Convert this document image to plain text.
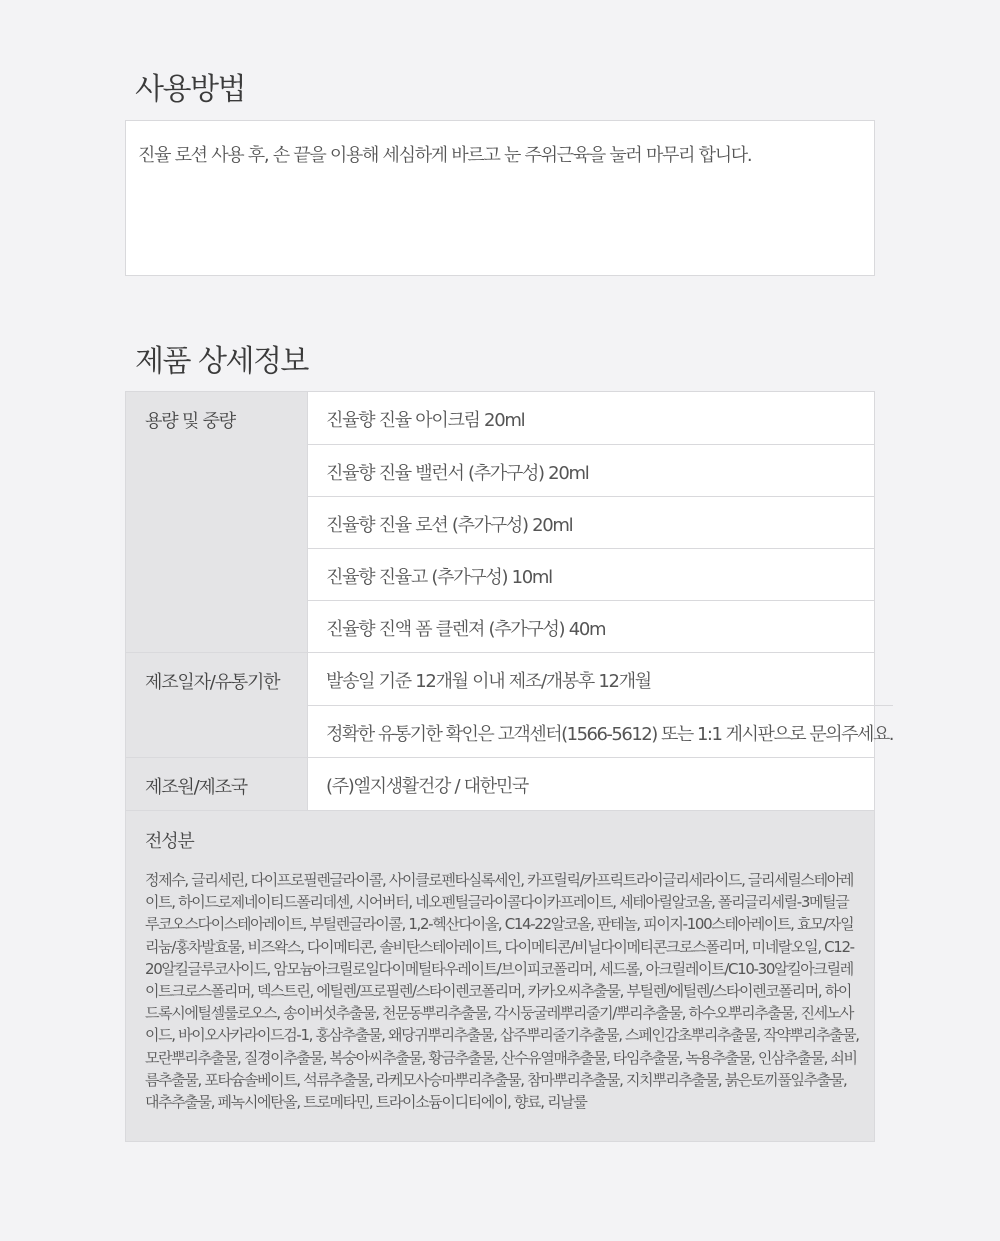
사용방법
진율 로션 사용 후, 손 끝을 이용해 세심하게 바르고 눈 주위근육을 눌러 마무리 합니다.
제품 상세정보
용량 및 중량	진율향 진율 아이크림 20ml
진율향 진율 밸런서 (추가구성) 20ml
진율향 진율 로션 (추가구성) 20ml
진율향 진율고 (추가구성) 10ml
진율향 진액 폼 클렌져 (추가구성) 40m
제조일자/유통기한	발송일 기준 12개월 이내 제조/개봉후 12개월
정확한 유통기한 확인은 고객센터(1566-5612) 또는 1:1 게시판으로 문의주세요.
제조원/제조국	(주)엘지생활건강 / 대한민국
전성분
정제수, 글리세린, 다이프로필렌글라이콜, 사이클로펜타실록세인, 카프릴릭/카프릭트라이글리세라이드, 글리세릴스테아레이트, 하이드로제네이티드폴리데센, 시어버터, 네오펜틸글라이콜다이카프레이트, 세테아릴알코올, 폴리글리세릴-3메틸글루코오스다이스테아레이트, 부틸렌글라이콜, 1,2-헥산다이올, C14-22알코올, 판테놀, 피이지-100스테아레이트, 효모/자일리눔/홍차발효물, 비즈왁스, 다이메티콘, 솔비탄스테아레이트, 다이메티콘/비닐다이메티콘크로스폴리머, 미네랄오일, C12-20알킬글루코사이드, 암모늄아크릴로일다이메틸타우레이트/브이피코폴리머, 세드롤, 아크릴레이트/C10-30알킬아크릴레이트크로스폴리머, 덱스트린, 에틸렌/프로필렌/스타이렌코폴리머, 카카오씨추출물, 부틸렌/에틸렌/스타이렌코폴리머, 하이드록시에틸셀룰로오스, 송이버섯추출물, 천문동뿌리추출물, 각시둥굴레뿌리줄기/뿌리추출물, 하수오뿌리추출물, 진세노사이드, 바이오사카라이드검-1, 홍삼추출물, 왜당귀뿌리추출물, 삽주뿌리줄기추출물, 스페인감초뿌리추출물, 작약뿌리추출물, 모란뿌리추출물, 질경이추출물, 복숭아씨추출물, 황금추출물, 산수유열매추출물, 타임추출물, 녹용추출물, 인삼추출물, 쇠비름추출물, 포타슘솔베이트, 석류추출물, 라케모사승마뿌리추출물, 참마뿌리추출물, 지치뿌리추출물, 붉은토끼풀잎추출물, 대추추출물, 페녹시에탄올, 트로메타민, 트라이소듐이디티에이, 향료, 리날룰
